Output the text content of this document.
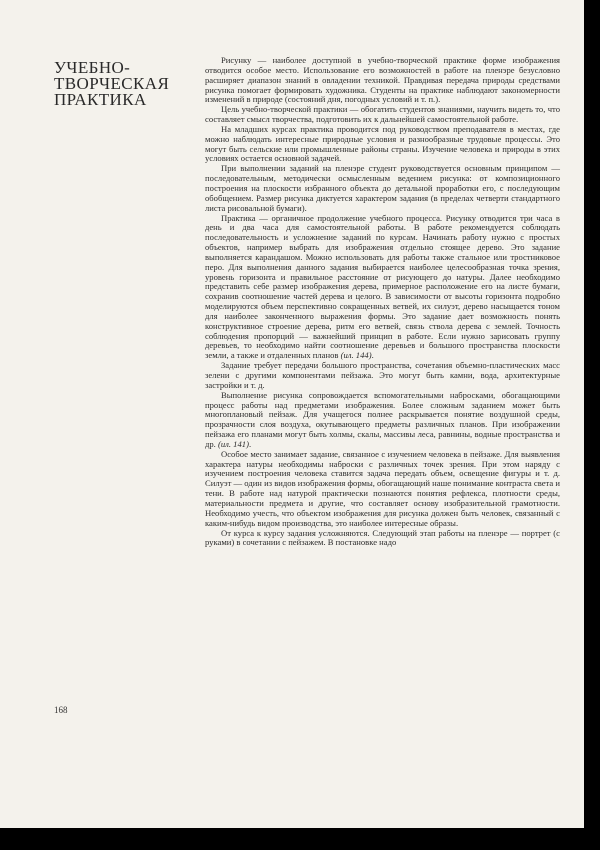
УЧЕБНО-
ТВОРЧЕСКАЯ
ПРАКТИКА

Рисунку — наиболее доступной в учебно-творческой практике форме изображения отводится особое место. Использование его возможностей в работе на пленэре безусловно расширяет диапазон знаний в овладении техникой. Правдивая передача природы средствами рисунка помогает формировать художника. Студенты на практике наблюдают закономерности изменений в природе (состояний дня, погодных условий и т. п.).

Цель учебно-творческой практики — обогатить студентов знаниями, научить видеть то, что составляет смысл творчества, подготовить их к дальнейшей самостоятельной работе.

На младших курсах практика проводится под руководством преподавателя в местах, где можно наблюдать интересные природные условия и разнообразные трудовые процессы. Это могут быть сельские или промышленные районы страны. Изучение человека и природы в этих условиях остается основной задачей.

При выполнении заданий на пленэре студент руководствуется основным принципом — последовательным, методически осмысленным ведением рисунка: от композиционного построения на плоскости избранного объекта до детальной проработки его, с последующим обобщением. Размер рисунка диктуется характером задания (в пределах четверти стандартного листа рисовальной бумаги).

Практика — органичное продолжение учебного процесса. Рисунку отводится три часа в день и два часа для самостоятельной работы. В работе рекомендуется соблюдать последовательность и усложнение заданий по курсам. Начинать работу нужно с простых объектов, например выбрать для изображения отдельно стоящее дерево. Это задание выполняется карандашом. Можно использовать для работы также стальное или тростниковое перо. Для выполнения данного задания выбирается наиболее целесообразная точка зрения, уровень горизонта и правильное расстояние от рисующего до натуры. Далее необходимо представить себе размер изображения дерева, примерное расположение его на листе бумаги, сохранив соотношение частей дерева и целого. В зависимости от высоты горизонта подробно моделируются объем перспективно сокращенных ветвей, их силуэт, дерево насыщается тоном для наиболее законченного выражения формы. Это задание дает возможность понять конструктивное строение дерева, ритм его ветвей, связь ствола дерева с землей. Точность соблюдения пропорций — важнейший принцип в работе. Если нужно зарисовать группу деревьев, то необходимо найти соотношение деревьев и большого пространства плоскости земли, а также и отдаленных планов (ил. 144).

Задание требует передачи большого пространства, сочетания объемно-пластических масс зелени с другими компонентами пейзажа. Это могут быть камни, вода, архитектурные застройки и т. д.

Выполнение рисунка сопровождается вспомогательными набросками, обогащающими процесс работы над предметами изображения. Более сложным заданием может быть многоплановый пейзаж. Для учащегося полнее раскрывается понятие воздушной среды, прозрачности слоя воздуха, окутывающего предметы различных планов. При изображении пейзажа его планами могут быть холмы, скалы, массивы леса, равнины, водные пространства и др. (ил. 141).

Особое место занимает задание, связанное с изучением человека в пейзаже. Для выявления характера натуры необходимы наброски с различных точек зрения. При этом наряду с изучением построения человека ставится задача передать объем, освещение фигуры и т. д. Силуэт — один из видов изображения формы, обогащающий наше понимание контраста света и тени. В работе над натурой практически познаются понятия рефлекса, плотности среды, материальности предмета и другие, что составляет основу изобразительной грамотности. Необходимо учесть, что объектом изображения для рисунка должен быть человек, связанный с каким-нибудь видом производства, это наиболее интересные образы.

От курса к курсу задания усложняются. Следующий этап работы на пленэре — портрет (с руками) в сочетании с пейзажем. В постановке надо

168
